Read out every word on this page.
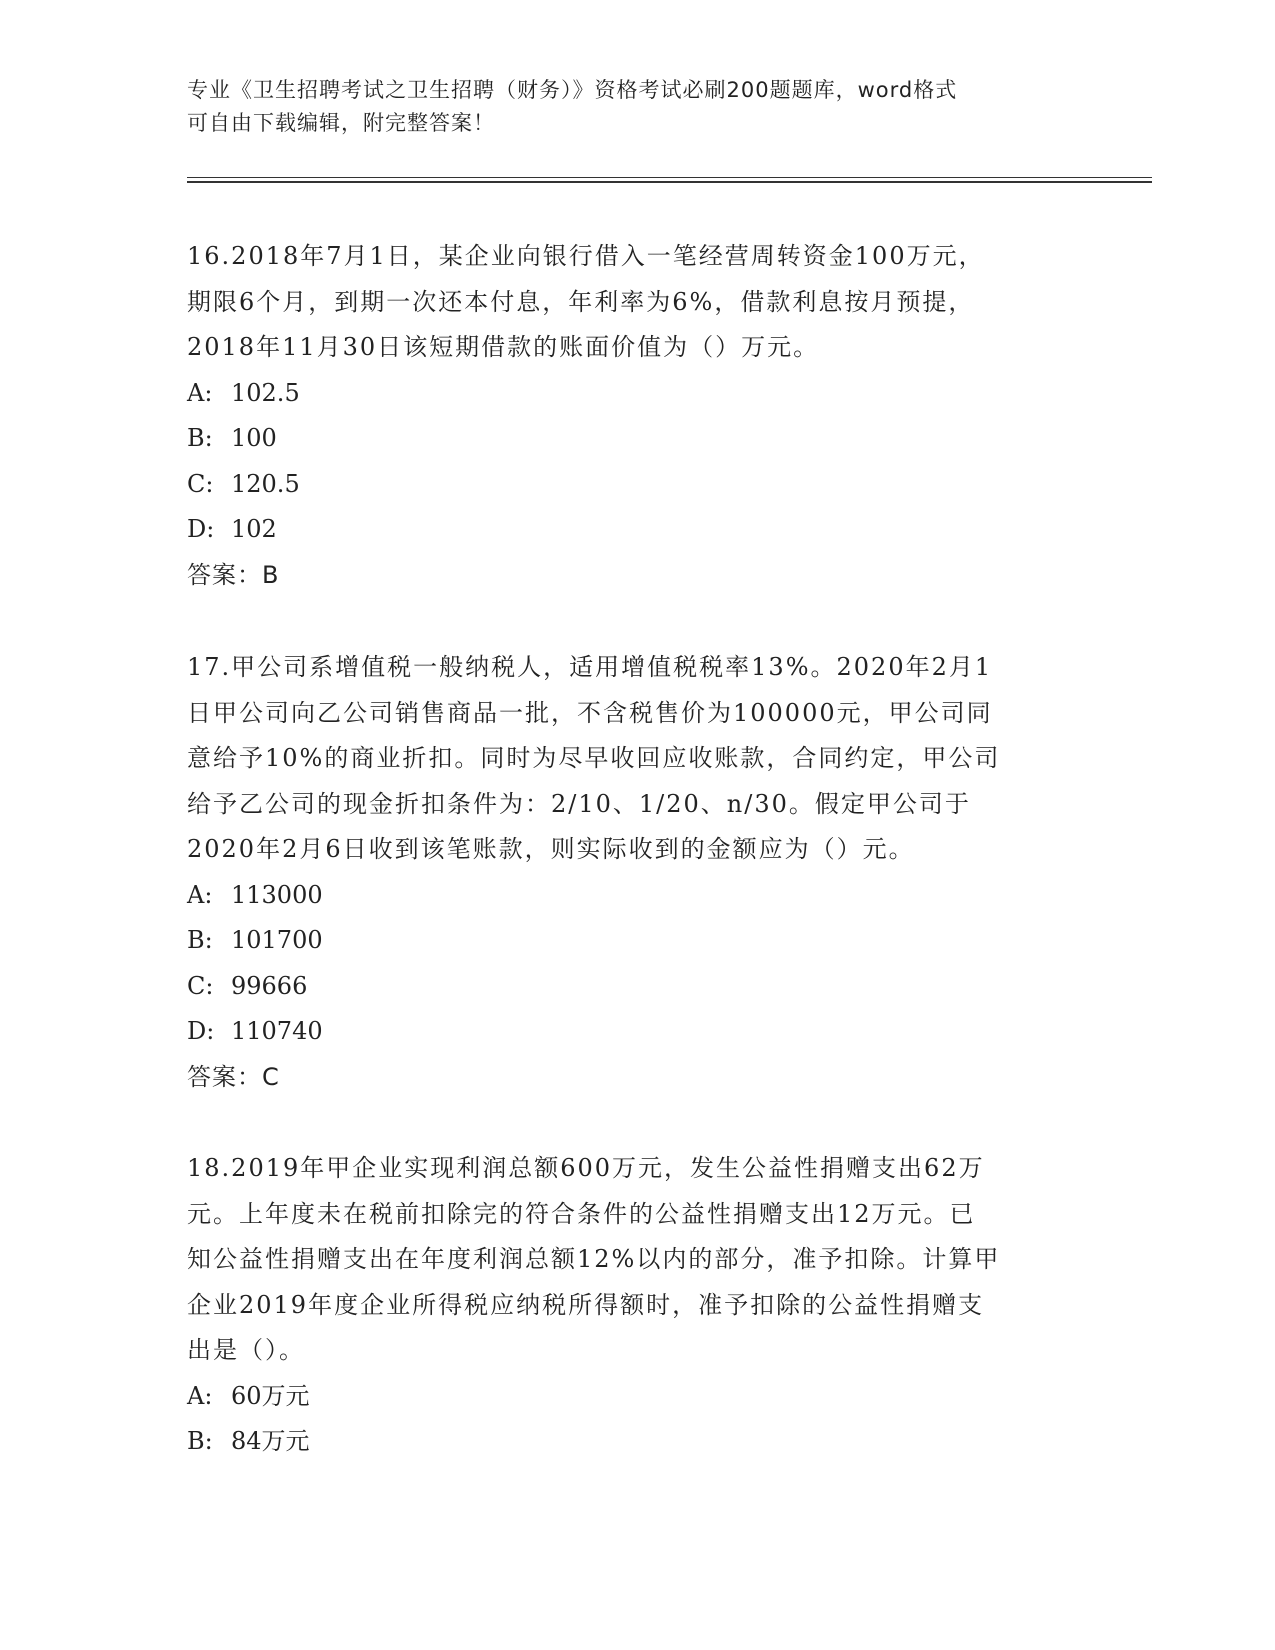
专业《卫生招聘考试之卫生招聘（财务）》资格考试必刷200题题库，word格式
可自由下载编辑，附完整答案！
16.2018年7月1日，某企业向银行借入一笔经营周转资金100万元，
期限6个月，到期一次还本付息，年利率为6%，借款利息按月预提，
2018年11月30日该短期借款的账面价值为（）万元。
A: 102.5
B: 100
C: 120.5
D: 102
答案：B
17.甲公司系增值税一般纳税人，适用增值税税率13%。2020年2月1
日甲公司向乙公司销售商品一批，不含税售价为100000元，甲公司同
意给予10%的商业折扣。同时为尽早收回应收账款，合同约定，甲公司
给予乙公司的现金折扣条件为：2/10、1/20、n/30。假定甲公司于
2020年2月6日收到该笔账款，则实际收到的金额应为（）元。
A: 113000
B: 101700
C: 99666
D: 110740
答案：C
18.2019年甲企业实现利润总额600万元，发生公益性捐赠支出62万
元。上年度未在税前扣除完的符合条件的公益性捐赠支出12万元。已
知公益性捐赠支出在年度利润总额12%以内的部分，准予扣除。计算甲
企业2019年度企业所得税应纳税所得额时，准予扣除的公益性捐赠支
出是（）。
A: 60万元
B: 84万元
